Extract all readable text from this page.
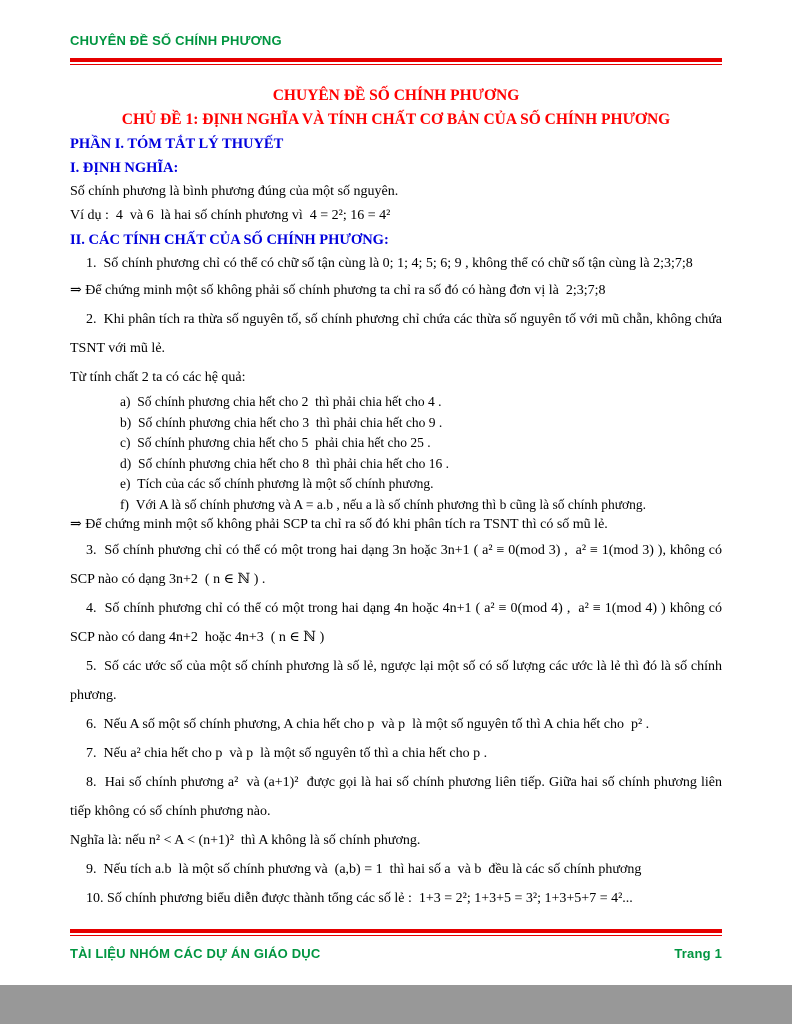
CHUYÊN ĐỀ SỐ CHÍNH PHƯƠNG
CHUYÊN ĐỀ SỐ CHÍNH PHƯƠNG
CHỦ ĐỀ 1: ĐỊNH NGHĨA VÀ TÍNH CHẤT CƠ BẢN CỦA SỐ CHÍNH PHƯƠNG
PHẦN I. TÓM TẮT LÝ THUYẾT
I. ĐỊNH NGHĨA:
Số chính phương là bình phương đúng của một số nguyên.
Ví dụ :  4  và 6  là hai số chính phương vì  4 = 2²; 16 = 4²
II. CÁC TÍNH CHẤT CỦA SỐ CHÍNH PHƯƠNG:
1.  Số chính phương chỉ có thể có chữ số tận cùng là 0; 1; 4; 5; 6; 9 , không thể có chữ số tận cùng là 2;3;7;8
⇒ Để chứng minh một số không phải số chính phương ta chỉ ra số đó có hàng đơn vị là  2;3;7;8
2.  Khi phân tích ra thừa số nguyên tố, số chính phương chỉ chứa các thừa số nguyên tố với mũ chẵn, không chứa TSNT với mũ lẻ.
Từ tính chất 2 ta có các hệ quả:
a)  Số chính phương chia hết cho 2  thì phải chia hết cho 4 .
b)  Số chính phương chia hết cho 3  thì phải chia hết cho 9 .
c)  Số chính phương chia hết cho 5  phải chia hết cho 25 .
d)  Số chính phương chia hết cho 8  thì phải chia hết cho 16 .
e)  Tích của các số chính phương là một số chính phương.
f)  Với A là số chính phương và A = a.b , nếu a là số chính phương thì b cũng là số chính phương.
⇒ Để chứng minh một số không phải SCP ta chỉ ra số đó khi phân tích ra TSNT thì có số mũ lẻ.
3.  Số chính phương chỉ có thể có một trong hai dạng 3n hoặc 3n+1 ( a² ≡ 0(mod 3) ,  a² ≡ 1(mod 3) ), không có SCP nào có dạng 3n+2  ( n ∈ ℕ ) .
4.  Số chính phương chỉ có thể có một trong hai dạng 4n hoặc 4n+1 ( a² ≡ 0(mod 4) ,  a² ≡ 1(mod 4) ) không có SCP nào có dang 4n+2  hoặc 4n+3  ( n ∈ ℕ )
5.  Số các ước số của một số chính phương là số lẻ, ngược lại một số có số lượng các ước là lẻ thì đó là số chính phương.
6.  Nếu A số một số chính phương, A chia hết cho p  và p  là một số nguyên tố thì A chia hết cho  p² .
7.  Nếu a² chia hết cho p  và p  là một số nguyên tố thì a chia hết cho p .
8.  Hai số chính phương a²  và (a+1)²  được gọi là hai số chính phương liên tiếp. Giữa hai số chính phương liên tiếp không có số chính phương nào.
Nghĩa là: nếu n² < A < (n+1)²  thì A không là số chính phương.
9.  Nếu tích a.b  là một số chính phương và  (a,b) = 1  thì hai số a  và b  đều là các số chính phương
10. Số chính phương biểu diễn được thành tổng các số lẻ :  1+3 = 2²; 1+3+5 = 3²; 1+3+5+7 = 4²...
TÀI LIỆU NHÓM CÁC DỰ ÁN GIÁO DỤC	Trang 1
